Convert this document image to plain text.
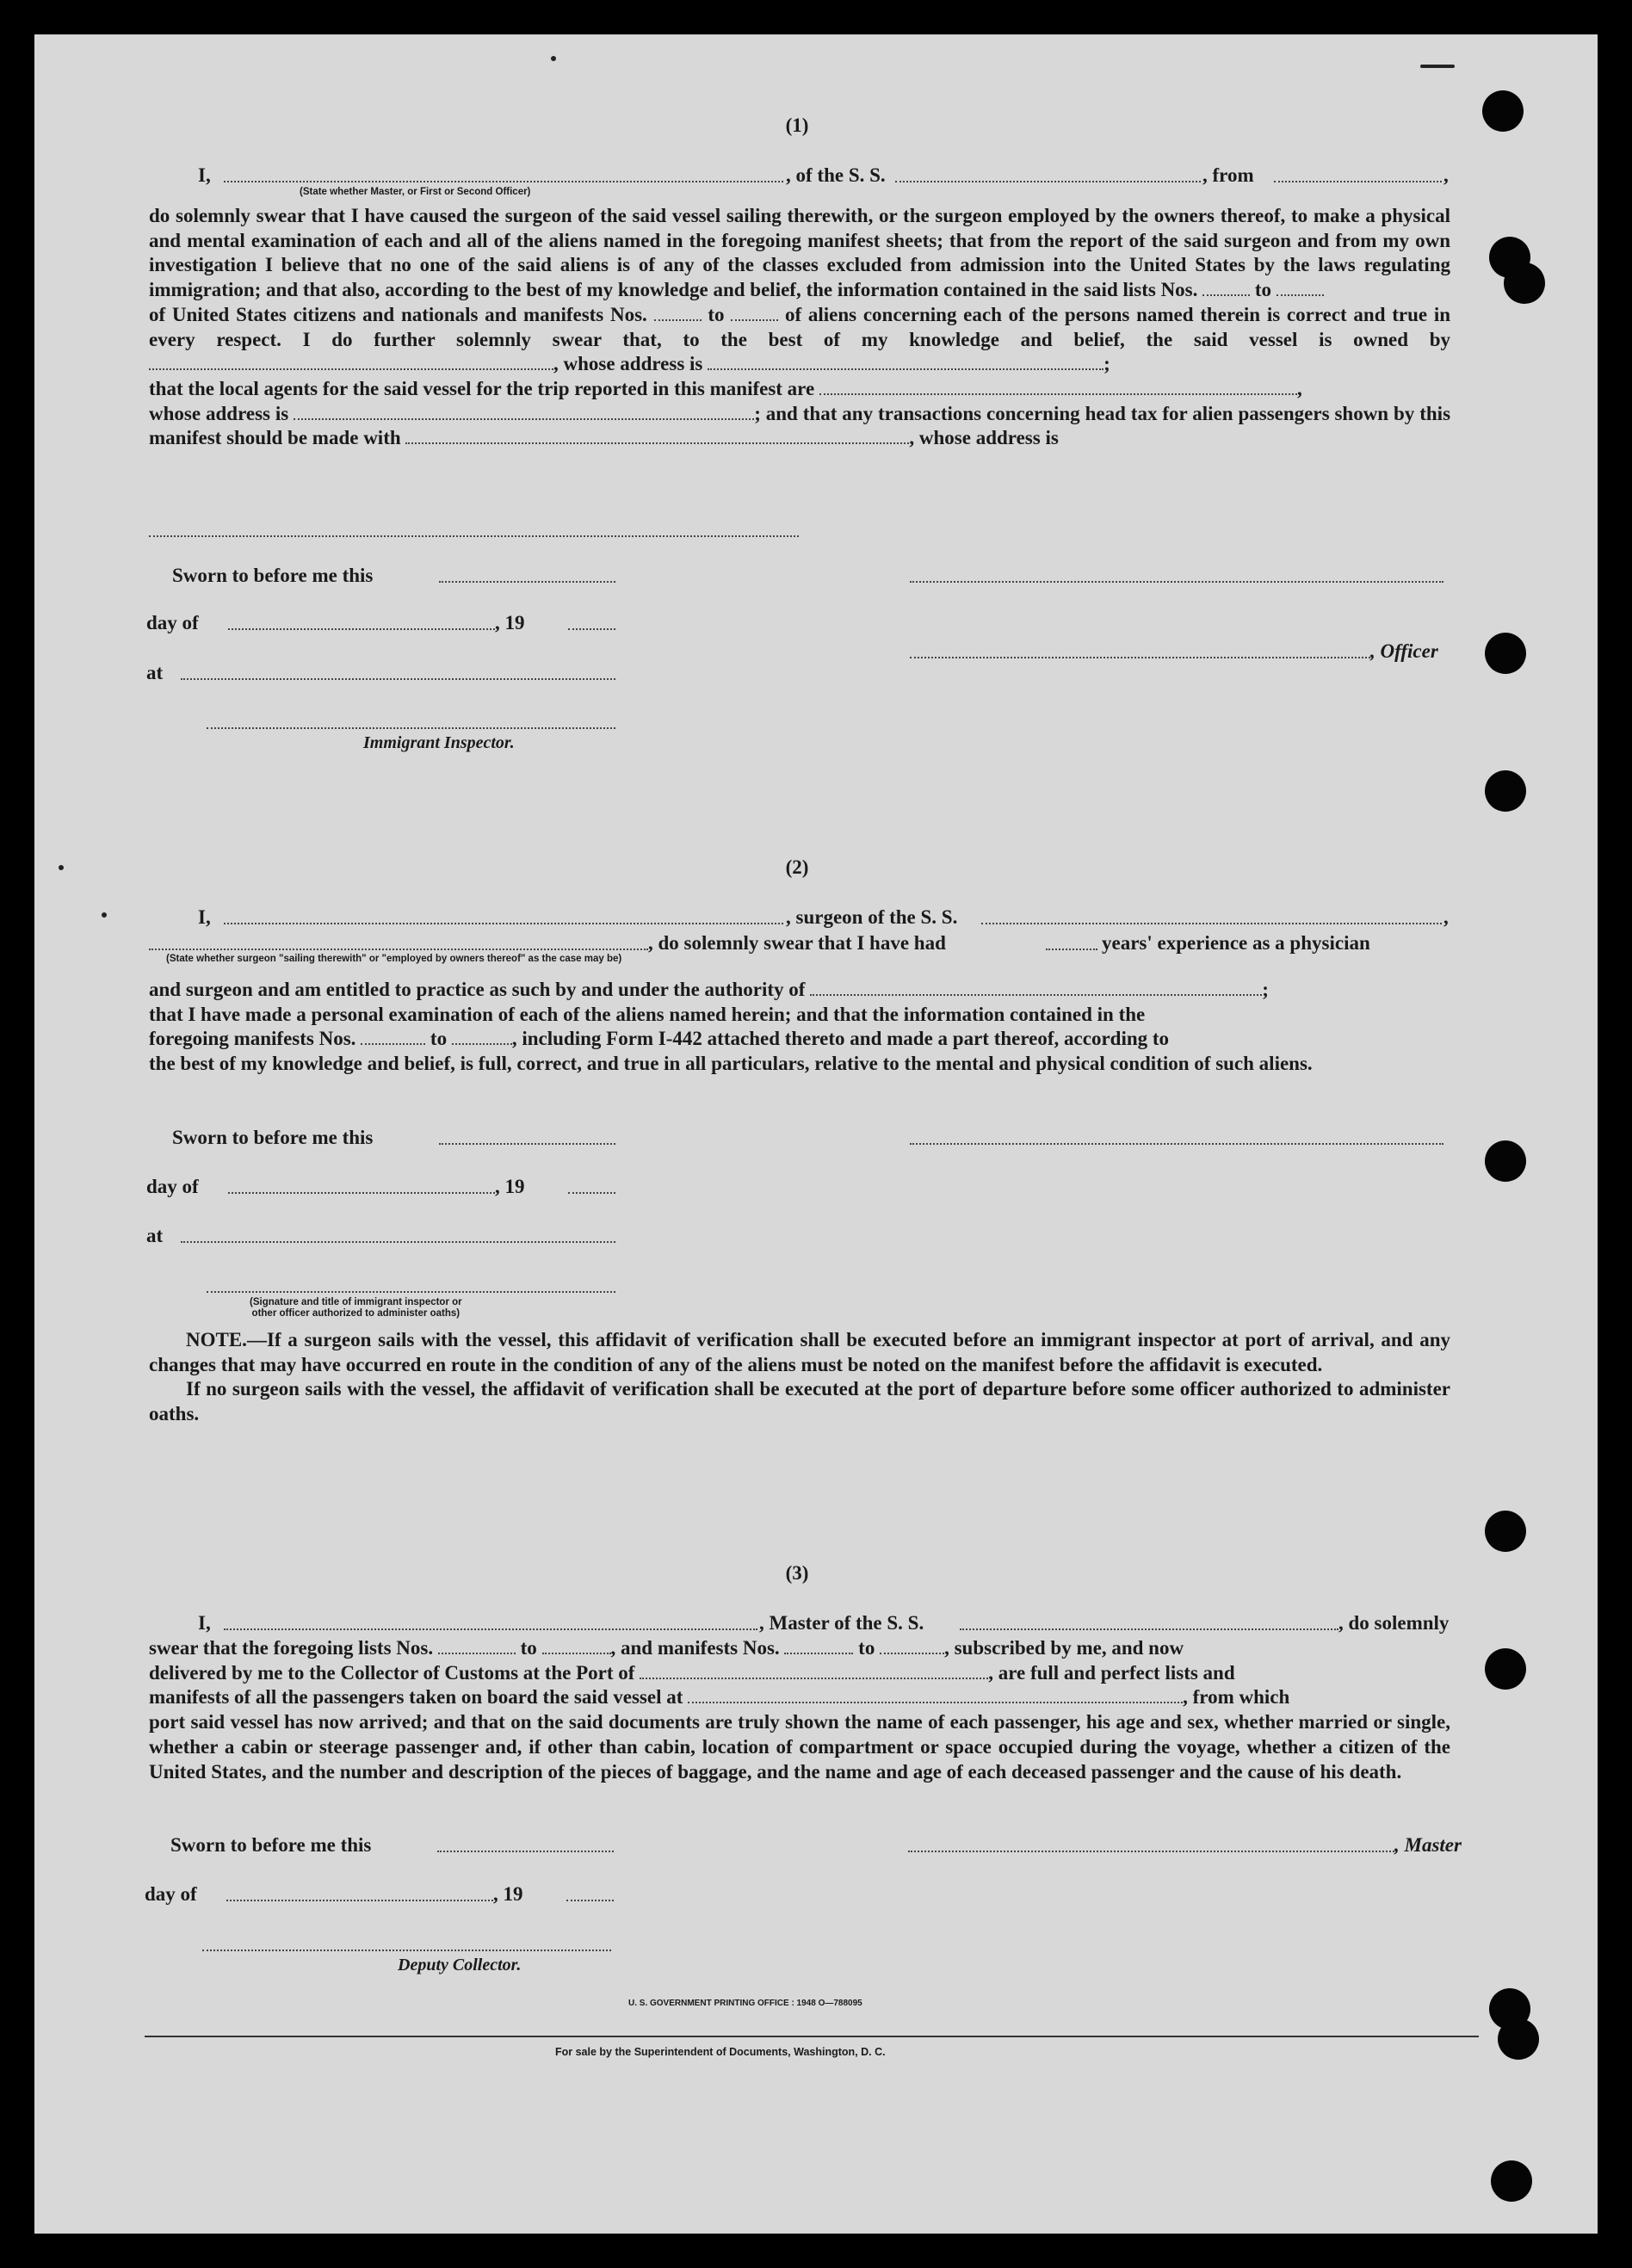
(1)
I,	, of the S. S.	, from	,
(State whether Master, or First or Second Officer)

do solemnly swear that I have caused the surgeon of the said vessel sailing therewith, or the surgeon employed by the owners thereof, to make a physical and mental examination of each and all of the aliens named in the foregoing manifest sheets; that from the report of the said surgeon and from my own investigation I believe that no one of the said aliens is of any of the classes excluded from admission into the United States by the laws regulating immigration; and that also, according to the best of my knowledge and belief, the information contained in the said lists Nos.	to

of United States citizens and nationals and manifests Nos.	to	of aliens concerning each of the persons named therein is correct and true in every respect. I do further solemnly swear that, to the best of my knowledge and belief, the said vessel is owned by , whose address is	;

that the local agents for the said vessel for the trip reported in this manifest are	,

whose address is	; and that any transactions concerning head tax for alien passengers shown by this manifest should be made with	, whose address is

Sworn to before me this
day of	, 19
, Officer
at
Immigrant Inspector.
(2)
I,	, surgeon of the S. S.	,
, do solemnly swear that I have had	years' experience as a physician
(State whether surgeon "sailing therewith" or "employed by owners thereof" as the case may be)

and surgeon and am entitled to practice as such by and under the authority of	;

that I have made a personal examination of each of the aliens named herein; and that the information contained in the

foregoing manifests Nos.	to	, including Form I-442 attached thereto and made a part thereof, according to

the best of my knowledge and belief, is full, correct, and true in all particulars, relative to the mental and physical condition of such aliens.

Sworn to before me this
day of	, 19
at
(Signature and title of immigrant inspector or
other officer authorized to administer oaths)

NOTE.—If a surgeon sails with the vessel, this affidavit of verification shall be executed before an immigrant inspector at port of arrival, and any changes that may have occurred en route in the condition of any of the aliens must be noted on the manifest before the affidavit is executed.

If no surgeon sails with the vessel, the affidavit of verification shall be executed at the port of departure before some officer authorized to administer oaths.

(3)
I,	, Master of the S. S.	, do solemnly

swear that the foregoing lists Nos.	to	, and manifests Nos.	to	, subscribed by me, and now

delivered by me to the Collector of Customs at the Port of	, are full and perfect lists and

manifests of all the passengers taken on board the said vessel at	, from which

port said vessel has now arrived; and that on the said documents are truly shown the name of each passenger, his age and sex, whether married or single, whether a cabin or steerage passenger and, if other than cabin, location of compartment or space occupied during the voyage, whether a citizen of the United States, and the number and description of the pieces of baggage, and the name and age of each deceased passenger and the cause of his death.

Sworn to before me this	, Master
day of	, 19
Deputy Collector.
U. S. GOVERNMENT PRINTING OFFICE : 1948 O—788095
For sale by the Superintendent of Documents, Washington, D. C.
